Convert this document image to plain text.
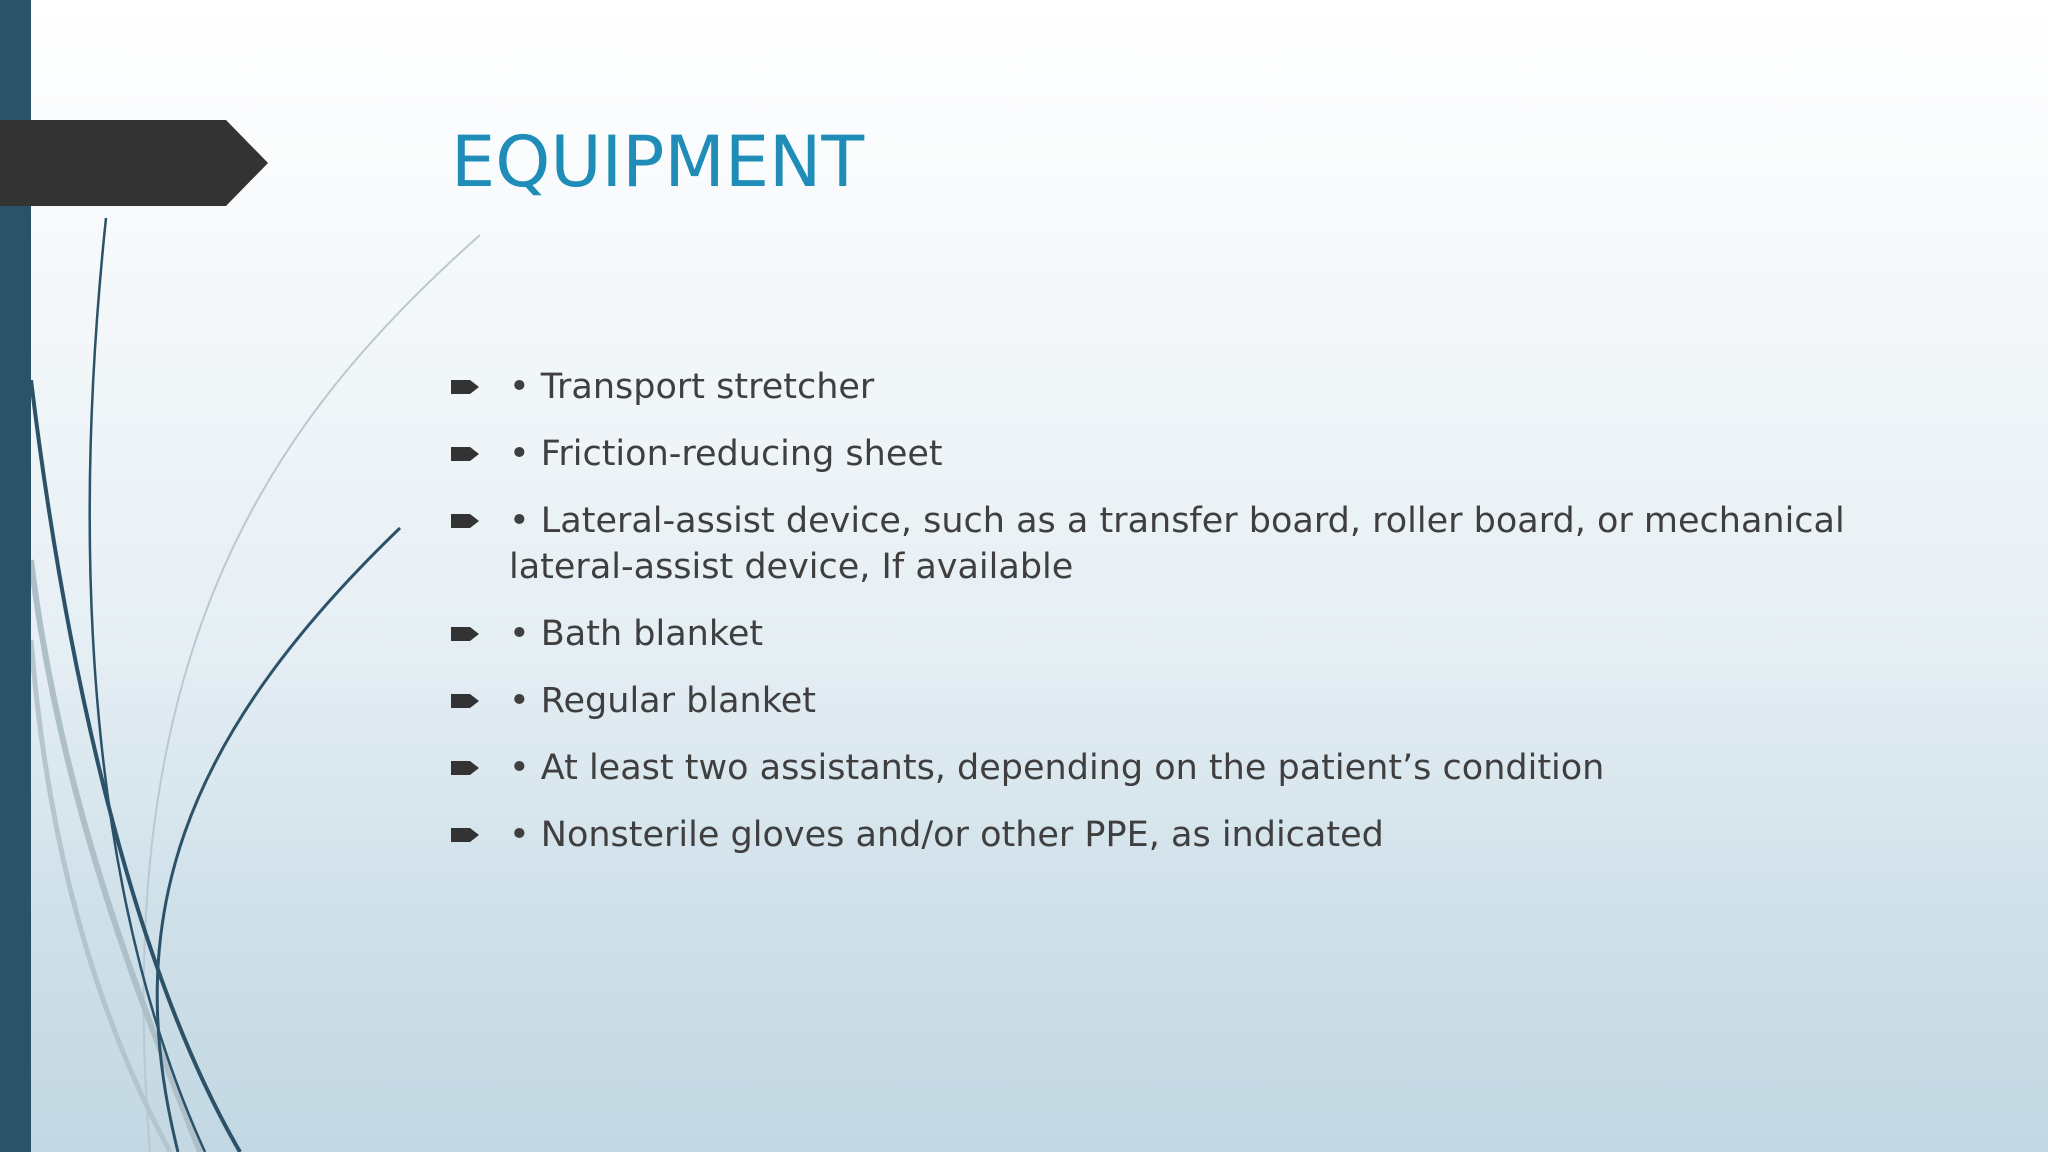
EQUIPMENT
• Transport stretcher
• Friction-reducing sheet
• Lateral-assist device, such as a transfer board, roller board, or mechanical lateral-assist device, If available
• Bath blanket
• Regular blanket
• At least two assistants, depending on the patient’s condition
• Nonsterile gloves and/or other PPE, as indicated
